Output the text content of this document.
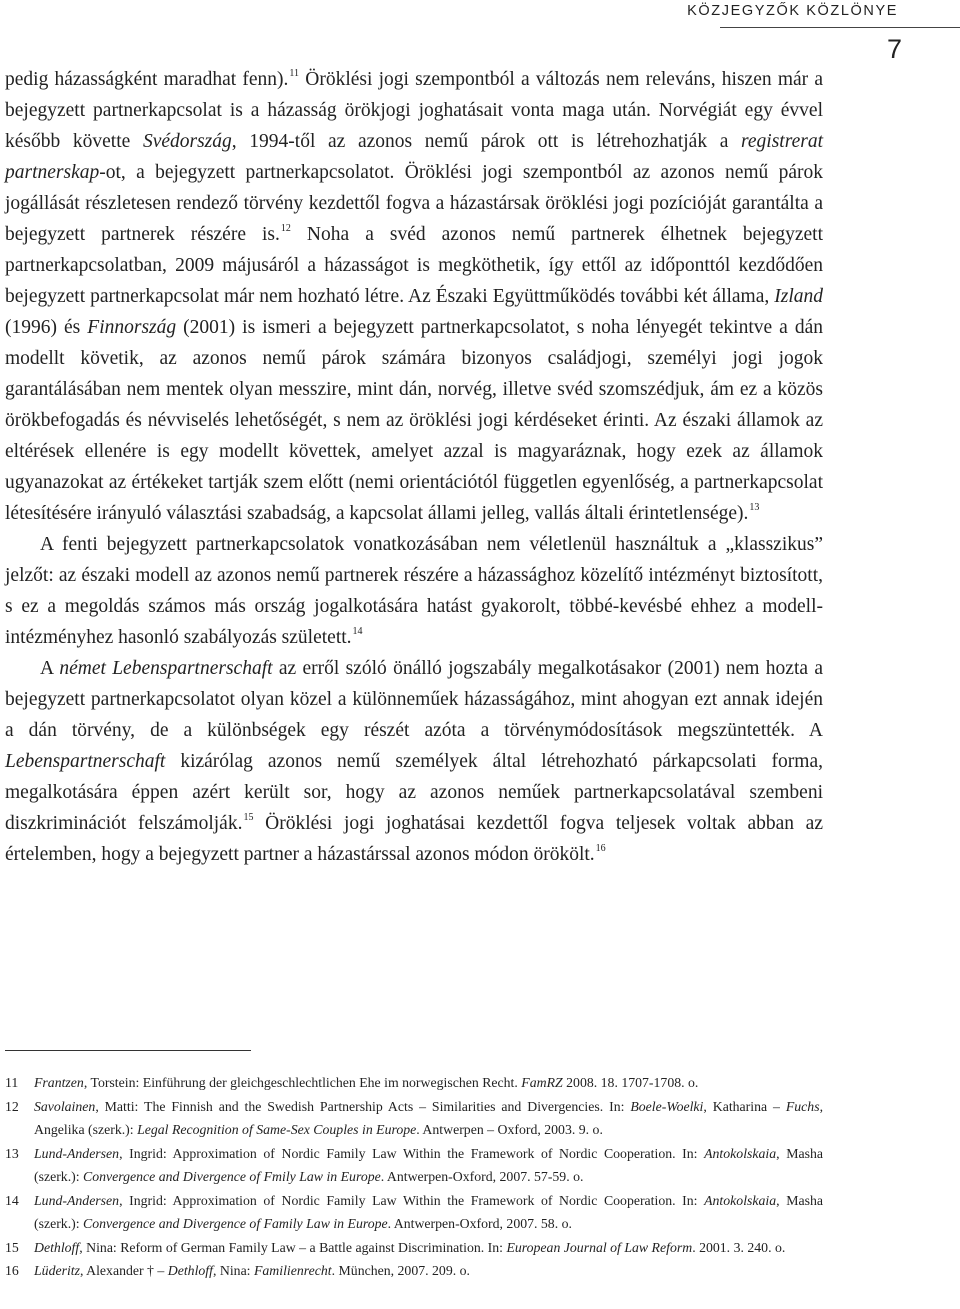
KÖZJEGYZŐK KÖZLÖNYE
7

pedig házasságként maradhat fenn).$^{11}$ Öröklési jogi szempontból a változás nem releváns, hiszen már a bejegyzett partnerkapcsolat is a házasság örökjogi joghatásait vonta maga után. Norvégiát egy évvel később követte Svédország, 1994-től az azonos nemű párok ott is létrehozhatják a registrerat partnerskap-ot, a bejegyzett partnerkapcsolatot. Öröklési jogi szempontból az azonos nemű párok jogállását részletesen rendező törvény kezdettől fogva a házastársak öröklési jogi pozícióját garantálta a bejegyzett partnerek részére is.$^{12}$ Noha a svéd azonos nemű partnerek élhetnek bejegyzett partnerkapcsolatban, 2009 májusáról a házasságot is megköthetik, így ettől az időponttól kezdődően bejegyzett partnerkapcsolat már nem hozható létre. Az Északi Együttműködés további két állama, Izland (1996) és Finnország (2001) is ismeri a bejegyzett partnerkapcsolatot, s noha lényegét tekintve a dán modellt követik, az azonos nemű párok számára bizonyos családjogi, személyi jogi jogok garantálásában nem mentek olyan messzire, mint dán, norvég, illetve svéd szomszédjuk, ám ez a közös örökbefogadás és névviselés lehetőségét, s nem az öröklési jogi kérdéseket érinti. Az északi államok az eltérések ellenére is egy modellt követtek, amelyet azzal is magyaráznak, hogy ezek az államok ugyanazokat az értékeket tartják szem előtt (nemi orientációtól független egyenlőség, a partnerkapcsolat létesítésére irányuló választási szabadság, a kapcsolat állami jelleg, vallás általi érintetlensége).$^{13}$

A fenti bejegyzett partnerkapcsolatok vonatkozásában nem véletlenül használtuk a „klasszikus” jelzőt: az északi modell az azonos nemű partnerek részére a házassághoz közelítő intézményt biztosított, s ez a megoldás számos más ország jogalkotására hatást gyakorolt, többé-kevésbé ehhez a modell-intézményhez hasonló szabályozás született.$^{14}$

A német Lebenspartnerschaft az erről szóló önálló jogszabály megalkotásakor (2001) nem hozta a bejegyzett partnerkapcsolatot olyan közel a különneműek házasságához, mint ahogyan ezt annak idején a dán törvény, de a különbségek egy részét azóta a törvénymódosítások megszüntették. A Lebenspartnerschaft kizárólag azonos nemű személyek által létrehozható párkapcsolati forma, megalkotására éppen azért került sor, hogy az azonos neműek partnerkapcsolatával szembeni diszkriminációt felszámolják.$^{15}$ Öröklési jogi joghatásai kezdettől fogva teljesek voltak abban az értelemben, hogy a bejegyzett partner a házastárssal azonos módon örökölt.$^{16}$

11	Frantzen, Torstein: Einführung der gleichgeschlechtlichen Ehe im norwegischen Recht. FamRZ 2008. 18. 1707-1708. o.
12	Savolainen, Matti: The Finnish and the Swedish Partnership Acts – Similarities and Divergencies. In: Boele-Woelki, Katharina – Fuchs, Angelika (szerk.): Legal Recognition of Same-Sex Couples in Europe. Antwerpen – Oxford, 2003. 9. o.
13	Lund-Andersen, Ingrid: Approximation of Nordic Family Law Within the Framework of Nordic Cooperation. In: Antokolskaia, Masha (szerk.): Convergence and Divergence of Fmily Law in Europe. Antwerpen-Oxford, 2007. 57-59. o.
14	Lund-Andersen, Ingrid: Approximation of Nordic Family Law Within the Framework of Nordic Cooperation. In: Antokolskaia, Masha (szerk.): Convergence and Divergence of Family Law in Europe. Antwerpen-Oxford, 2007. 58. o.
15	Dethloff, Nina: Reform of German Family Law – a Battle against Discrimination. In: European Journal of Law Reform. 2001. 3. 240. o.
16	Lüderitz, Alexander † – Dethloff, Nina: Familienrecht. München, 2007. 209. o.
